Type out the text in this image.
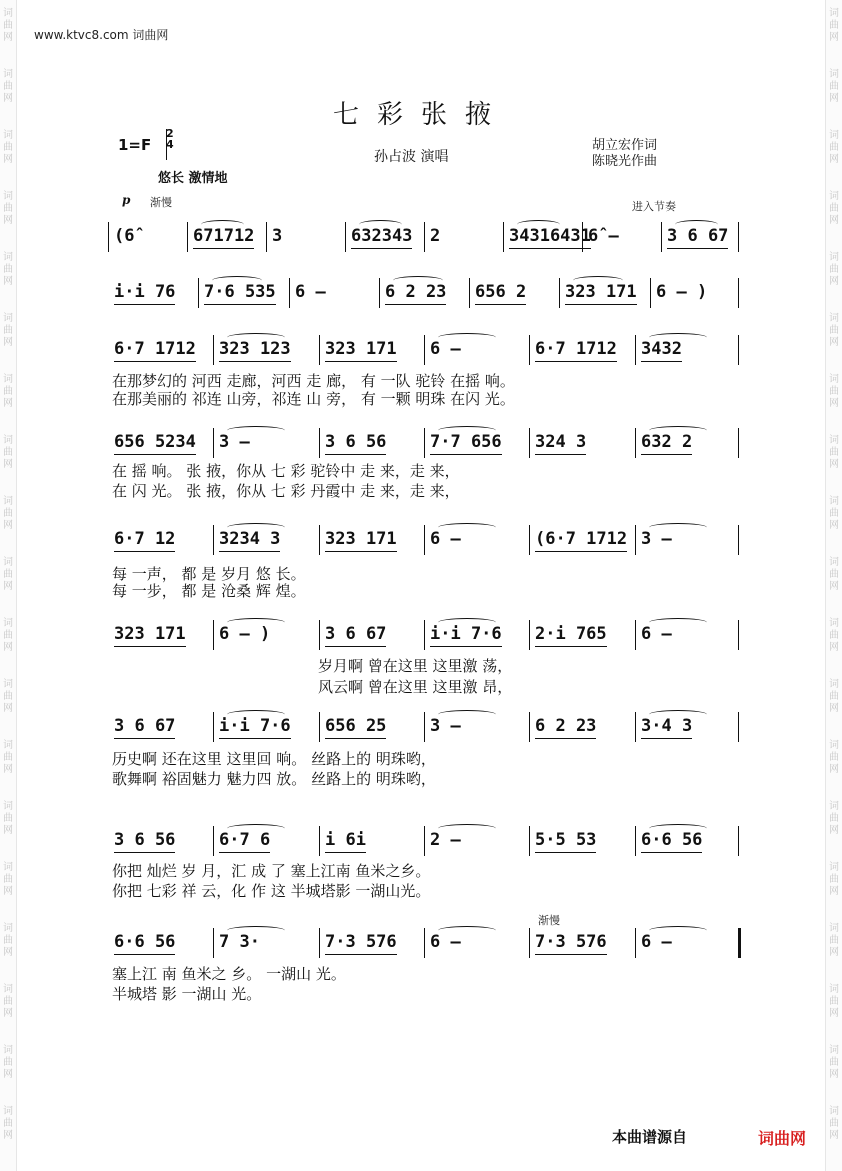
词
曲
网
词
曲
网
词
曲
网
词
曲
网
词
曲
网
词
曲
网
词
曲
网
词
曲
网
词
曲
网
词
曲
网
词
曲
网
词
曲
网
词
曲
网
词
曲
网
词
曲
网
词
曲
网
词
曲
网
词
曲
网
词
曲
网
词
曲
网
词
曲
网
词
曲
网
词
曲
网
词
曲
网
词
曲
网
词
曲
网
词
曲
网
词
曲
网
词
曲
网
词
曲
网
词
曲
网
词
曲
网
词
曲
网
词
曲
网
词
曲
网
词
曲
网
词
曲
网
词
曲
网
www.ktvc8.com 词曲网
七彩张掖
1=F
2
4
孙占波 演唱
胡立宏作词
陈晓光作曲
悠长 激情地
p 渐慢	进入节奏
渐慢
(6̂	671712 3	632343 2	34316431
6̂ –	3 6 67
i·i 76 7·6 535 6 –	6 2 23 656 2 323 171 6 – )
6·7 1712 323 123 323 171 6 –	6·7 1712 3432
656 5234 3 –	3 6 56	7·7 656 324 3	632 2
6·7 12	3234 3	323 171 6 –	(6·7 1712 3 –
323 171 6 – )	3 6 67	i·i 7·6 2·i 765 6 –
3 6 67	i·i 7·6 656 25	3 –	6 2 23	3·4 3
3 6 56	6·7 6	i 6i	2 –	5·5 53	6·6 56
6·6 56	7 3·	7·3 576 6 –	7·3 576 6 –
在那梦幻的 河西 走廊，河西 走 廊， 有 一队 驼铃 在摇 响。
在那美丽的 祁连 山旁，祁连 山 旁， 有 一颗 明珠 在闪 光。
在 摇 响。 张 掖，你从 七 彩 驼铃中 走 来，走 来，
在 闪 光。 张 掖，你从 七 彩 丹霞中 走 来，走 来，
每 一声， 都 是 岁月 悠 长。
每 一步， 都 是 沧桑 辉 煌。
岁月啊 曾在这里 这里激 荡，
风云啊 曾在这里 这里激 昂，
历史啊 还在这里 这里回 响。 丝路上的 明珠哟，
歌舞啊 裕固魅力 魅力四 放。 丝路上的 明珠哟，
你把 灿烂 岁 月，汇 成 了 塞上江南 鱼米之乡。
你把 七彩 祥 云，化 作 这 半城塔影 一湖山光。
塞上江 南 鱼米之 乡。 一湖山 光。
半城塔 影 一湖山 光。
本曲谱源自	词曲网
